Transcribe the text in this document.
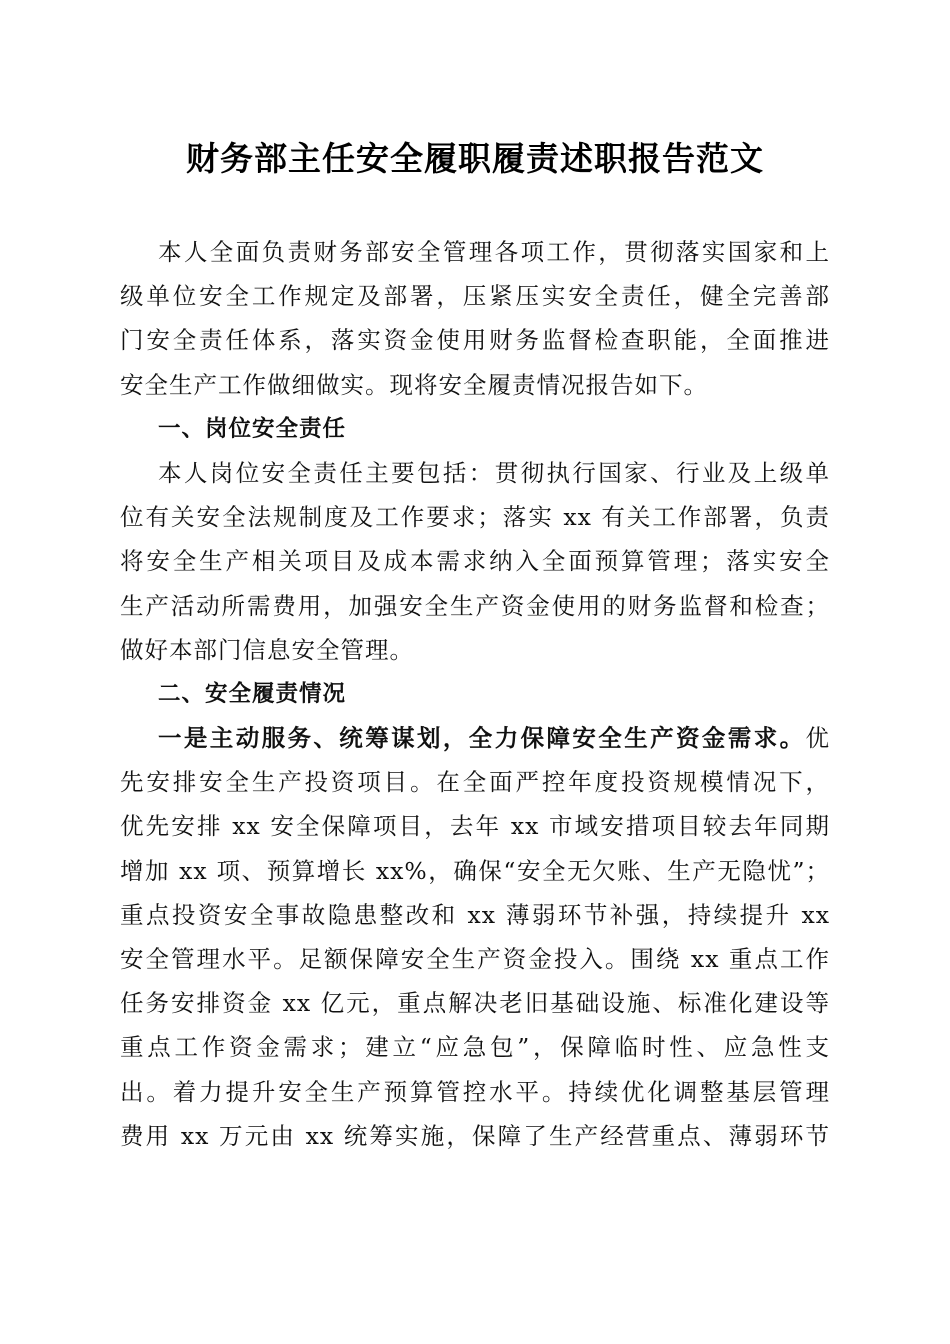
财务部主任安全履职履责述职报告范文
本人全面负责财务部安全管理各项工作，贯彻落实国家和上
级单位安全工作规定及部署，压紧压实安全责任，健全完善部
门安全责任体系，落实资金使用财务监督检查职能，全面推进
安全生产工作做细做实。现将安全履责情况报告如下。
一、岗位安全责任
本人岗位安全责任主要包括：贯彻执行国家、行业及上级单
位有关安全法规制度及工作要求；落实 xx 有关工作部署，负责
将安全生产相关项目及成本需求纳入全面预算管理；落实安全
生产活动所需费用，加强安全生产资金使用的财务监督和检查；
做好本部门信息安全管理。
二、安全履责情况
一是主动服务、统筹谋划，全力保障安全生产资金需求。优
先安排安全生产投资项目。在全面严控年度投资规模情况下，
优先安排 xx 安全保障项目，去年 xx 市域安措项目较去年同期
增加 xx 项、预算增长 xx%，确保“安全无欠账、生产无隐忧”；
重点投资安全事故隐患整改和 xx 薄弱环节补强，持续提升 xx
安全管理水平。足额保障安全生产资金投入。围绕 xx 重点工作
任务安排资金 xx 亿元，重点解决老旧基础设施、标准化建设等
重点工作资金需求；建立“应急包”，保障临时性、应急性支
出。着力提升安全生产预算管控水平。持续优化调整基层管理
费用 xx 万元由 xx 统筹实施，保障了生产经营重点、薄弱环节
